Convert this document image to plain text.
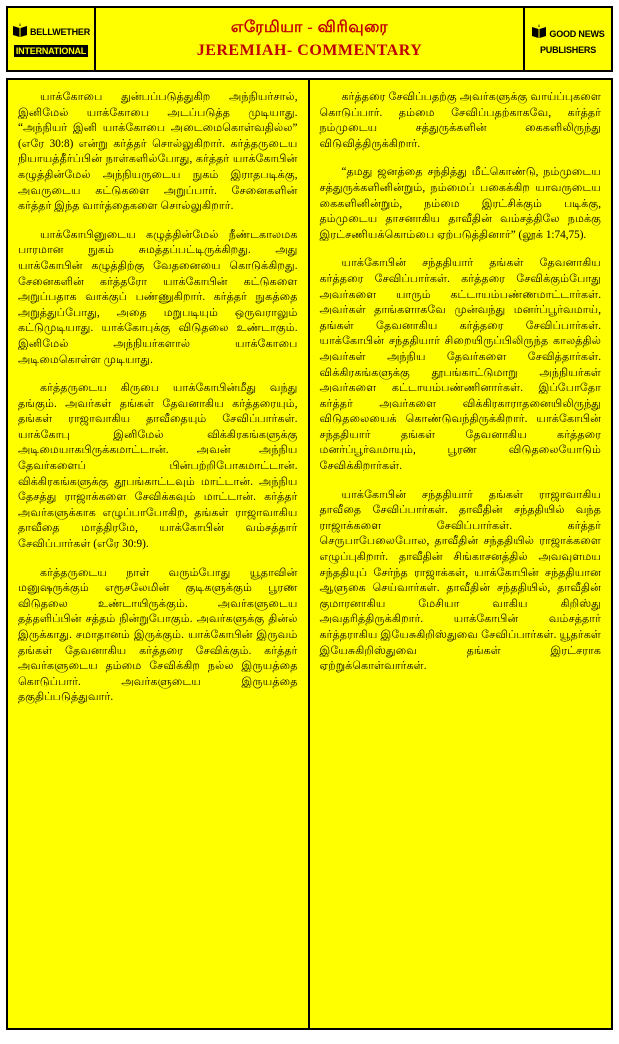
BELLWETHER
INTERNATIONAL
எரேமியா - விரிவுரை
JEREMIAH- COMMENTARY
GOOD NEWS
PUBLISHERS

யாக்கோபை துன்பப்படுத்துகிற அந்நியர்சால், இனிமேல் யாக்கோபை அடப்படுத்த முடியாது. “அந்நியர் இனி யாக்கோபை அடைமைகொள்வதில்ல” (எரே 30:8) என்று கர்த்தர் சொல்லுகிறார். கர்த்தருடைய நியாயத்தீர்ப்பின் நாள்களில்போது, கர்த்தர் யாக்கோபின் கழுத்தின்மேல் அந்நியருடைய நுகம் இராதபடிக்கு, அவருடைய கட்டுகளை அறுப்பார். சேனைகளின் கர்த்தர் இந்த வார்த்தைகளை சொல்லுகிறார்.

யாக்கோபினுடைய கழுத்தின்மேல் நீண்டகாலமக பாரமான நுகம் சுமத்தப்பட்டிருக்கிறது. அது யாக்கோபின் கழுத்திற்கு வேதனையை கொடுக்கிறது. சேனைகளின் கர்த்தரோ யாக்கோபின் கட்டுகளை அறுப்பதாக வாக்குப் பண்ணுகிறார். கர்த்தர் நுகத்தை அறுத்துப்போது, அதை மறுபடியும் ஒருவராலும் கட்டுமுடியாது. யாக்கோபுக்கு விடுதலை உண்டாகும். இனிமேல் அந்நியர்களால் யாக்கோபை அடிமைகொள்ள முடியாது.

கர்த்தருடைய கிருபை யாக்கோபின்மீது வந்து தங்கும். அவர்கள் தங்கள் தேவனாகிய கர்த்தரையும், தங்கள் ராஜாவாகிய தாவீதையும் சேவிப்பார்கள். யாக்கோபு இனிமேல் விக்கிரகங்களுக்கு அடிமையாகபிருக்கமாட்டான். அவன் அந்நிய தேவர்களைப் பின்பற்றிபோகமாட்டான். விக்கிரகங்களுக்கு தூபங்காட்டவும் மாட்டான். அந்நிய தேசத்து ராஜாக்களை சேவிக்கவும் மாட்டான். கர்த்தர் அவர்களுக்காக எழுப்பாபோகிற, தங்கள் ராஜாவாகிய தாவீதை மாத்திரமே, யாக்கோபின் வம்சத்தார் சேவிப்பார்கள் (எரே 30:9).

கர்த்தருடைய நாள் வரும்போது யூதாவின் மனுஷருக்கும் எரூசலேமின் குடிகளுக்கும் பூரண விடுதலை உண்டாயிருக்கும். அவர்களுடைய தத்தளிப்பின் சத்தம் நின்றுபோகும். அவர்களுக்கு தின்ல் இருக்காது. சமாதானம் இருக்கும். யாக்கோபின் இருவம் தங்கள் தேவனாகிய கர்த்தரை சேவிக்கும். கர்த்தர் அவர்களுடைய தம்மை சேவிக்கிற நல்ல இருயத்தை கொடுப்பார். அவர்களுடைய இருயத்தை தகுதிப்படுத்துவார்.

கர்த்தரை சேவிப்பதற்கு அவர்களுக்கு வாய்ப்புகளை கொடுப்பார். தம்மை சேவிப்பதற்காகவே, கர்த்தர் நம்முடைய சத்துருக்களின் கைகளிலிருந்து விடுவித்திருக்கிறார்.

“தமது ஜனத்தை சந்தித்து மீட்கொண்டு, நம்முடைய சத்துருக்களினின்றும், நம்மைப் பகைக்கிற யாவருடைய கைகளினின்றும், நம்மை இரட்சிக்கும் படிக்கு, தம்முடைய தாசனாகிய தாவீதின் வம்சத்திலே நமக்கு இரட்சணியக்கொம்பை ஏற்படுத்தினார்” (லூக் 1:74,75).

யாக்கோபின் சந்ததியார் தங்கள் தேவனாகிய கர்த்தரை சேவிப்பார்கள். கர்த்தரை சேவிக்கும்போது அவர்களை யாரும் கட்டாயம்பண்ணமாட்டார்கள். அவர்கள் தாங்களாகவே முன்வந்து மனர்ப்பூர்வமாய், தங்கள் தேவனாகிய கர்த்தரை சேவிப்பார்கள். யாக்கோபின் சந்ததியார் சிறையிருப்பிலிருந்த காலத்தில் அவர்கள் அந்நிய தேவர்களை சேவித்தார்கள். விக்கிரகங்களுக்கு தூபங்காட்டுமாறு அந்நியர்கள் அவர்களை கட்டாயம்பண்ணினார்கள். இப்போதோ கர்த்தர் அவர்களை விக்கிரகாராதனையிலிருந்து விடுதலையைக் கொண்டுவந்திருக்கிறார். யாக்கோபின் சந்ததியார் தங்கள் தேவனாகிய கர்த்தரை மனர்ப்பூர்வமாயும், பூரண விடுதலையோடும் சேவிக்கிறார்கள்.

யாக்கோபின் சந்ததியார் தங்கள் ராஜாவாகிய தாவீதை சேவிப்பார்கள். தாவீதின் சந்ததியில் வந்த ராஜாக்களை சேவிப்பார்கள். கர்த்தர் செருபாபேலைபோல, தாவீதின் சந்ததியில் ராஜாக்களை எழுப்புகிறார். தாவீதின் சிங்காசனத்தில் அவவுளமய சந்ததியுப் சேர்ந்த ராஜாக்கள், யாக்கோபின் சந்ததியான ஆளுகை செய்வார்கள். தாவீதின் சந்ததியில், தாவீதின் குமாரனாகிய மேசியா வாகிய கிறிஸ்து அவதரித்திருக்கிறார். யாக்கோபின் வம்சத்தார் கர்த்தராகிய இயேசுகிறிஸ்துவை சேவிப்பார்கள். யூதர்கள் இயேசுகிறிஸ்துவை தங்கள் இரட்சராக ஏற்றுக்கொள்வார்கள்.
